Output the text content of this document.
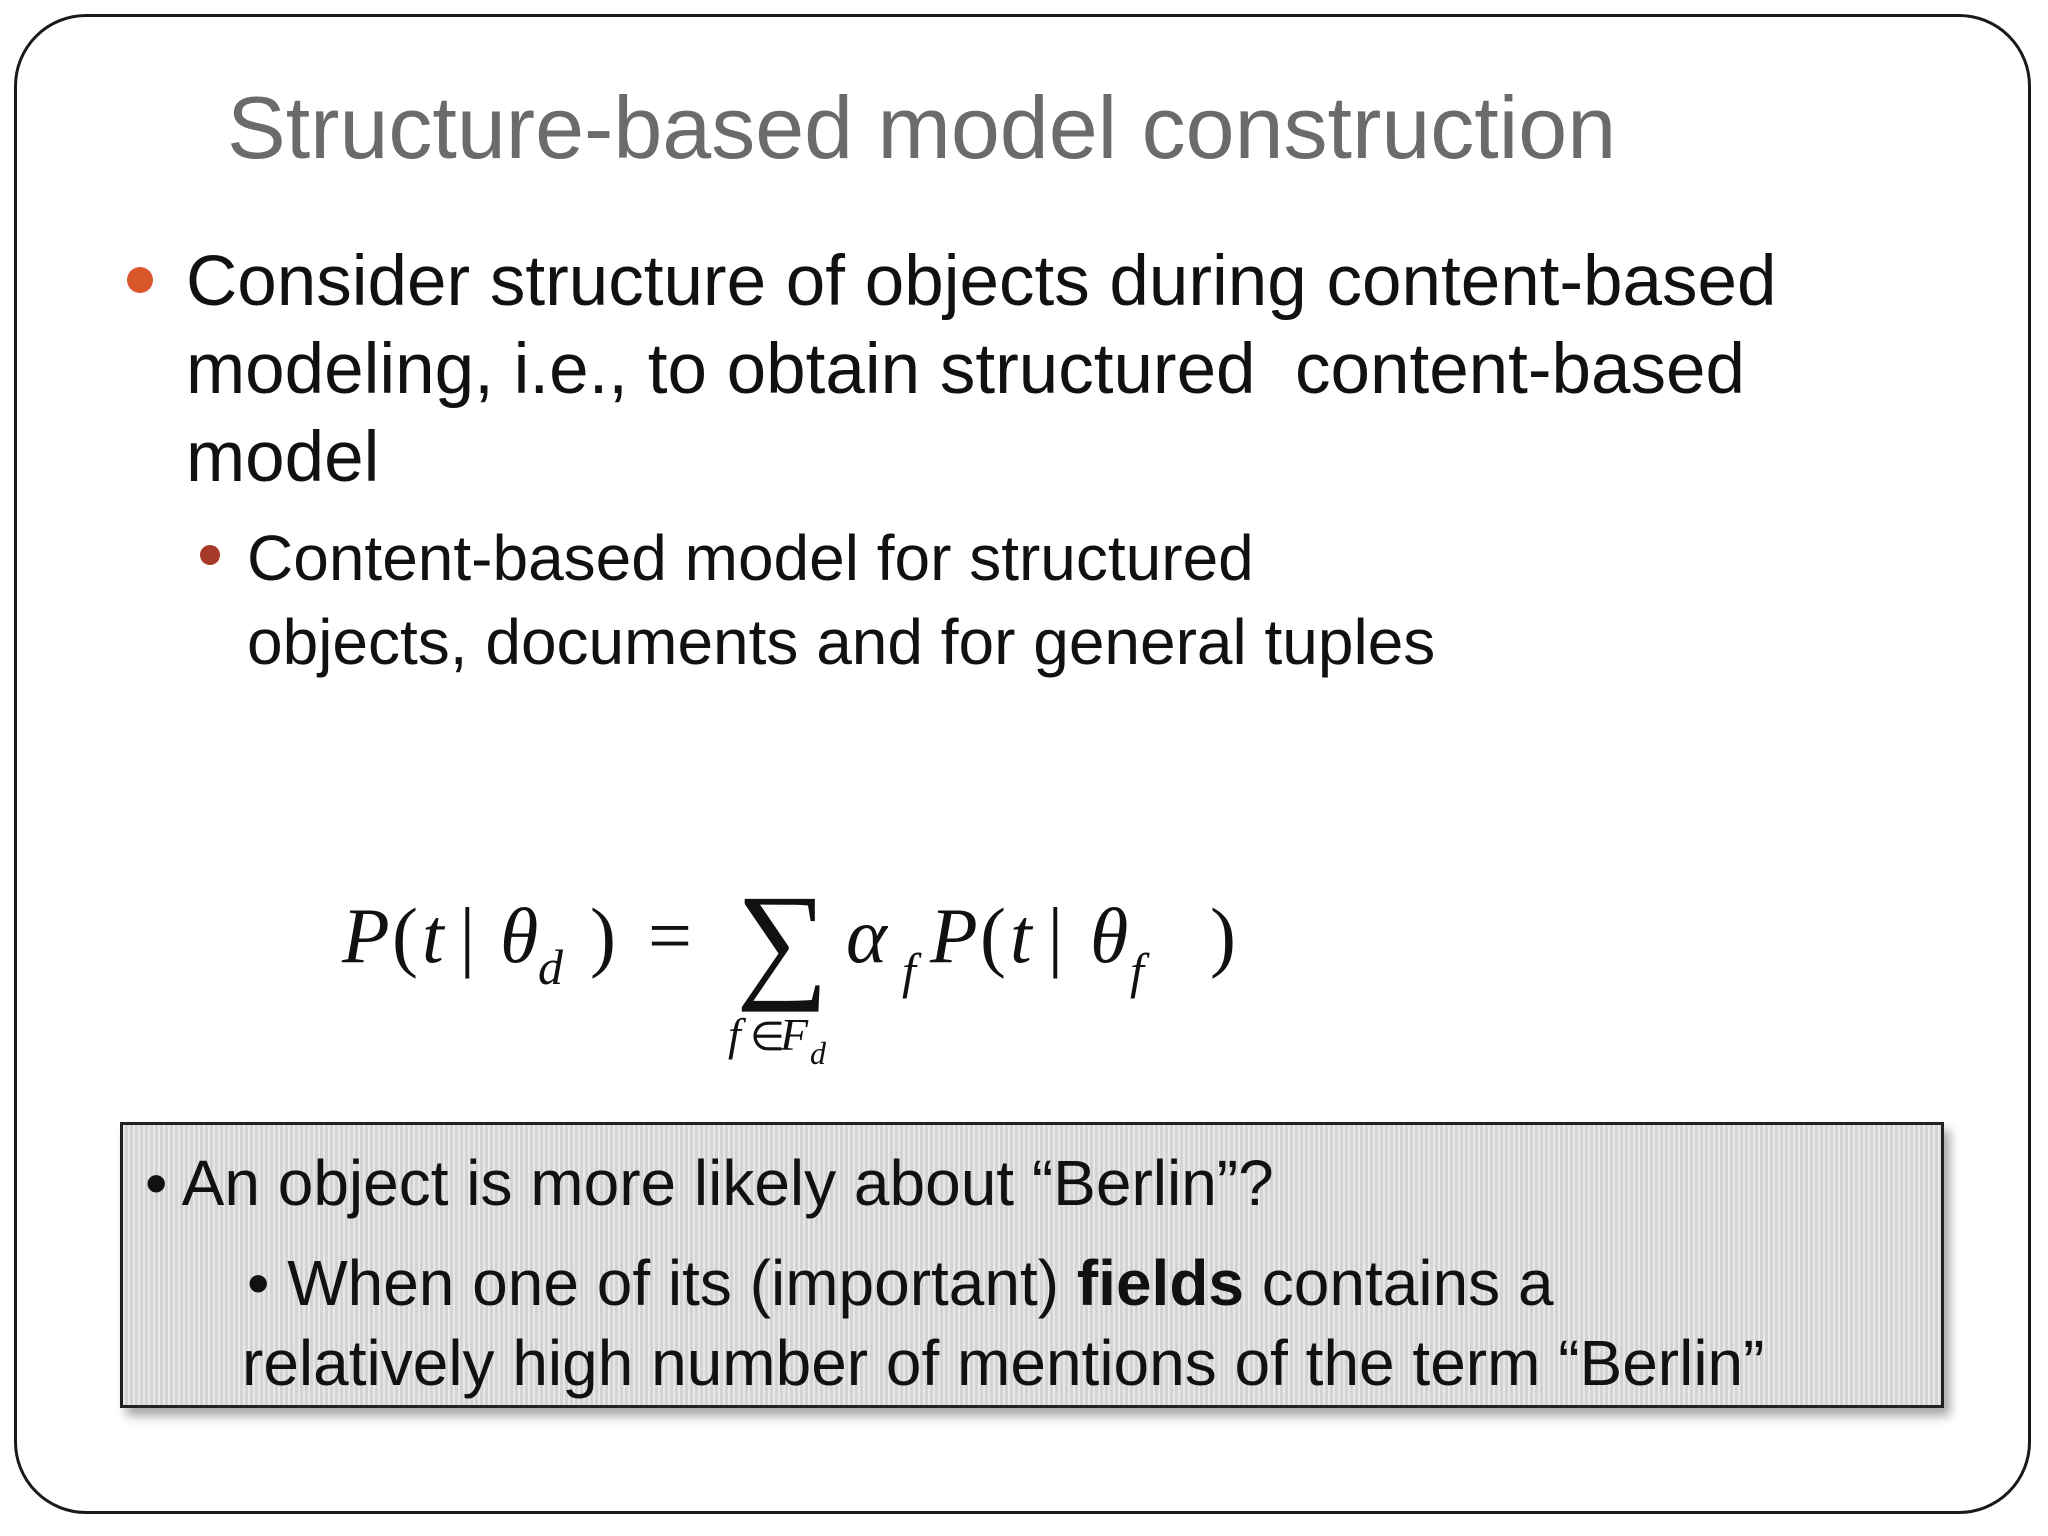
Structure-based model construction
Consider structure of objects during content-based
modeling, i.e., to obtain structured  content-based
model
Content-based model for structured
objects, documents and for general tuples
P ( t
| θ d ) = ∑
f ∈
F d
α f P ( t
| θ f )
• An object is more likely about “Berlin”?
• When one of its (important) fields contains a
relatively high number of mentions of the term “Berlin”
